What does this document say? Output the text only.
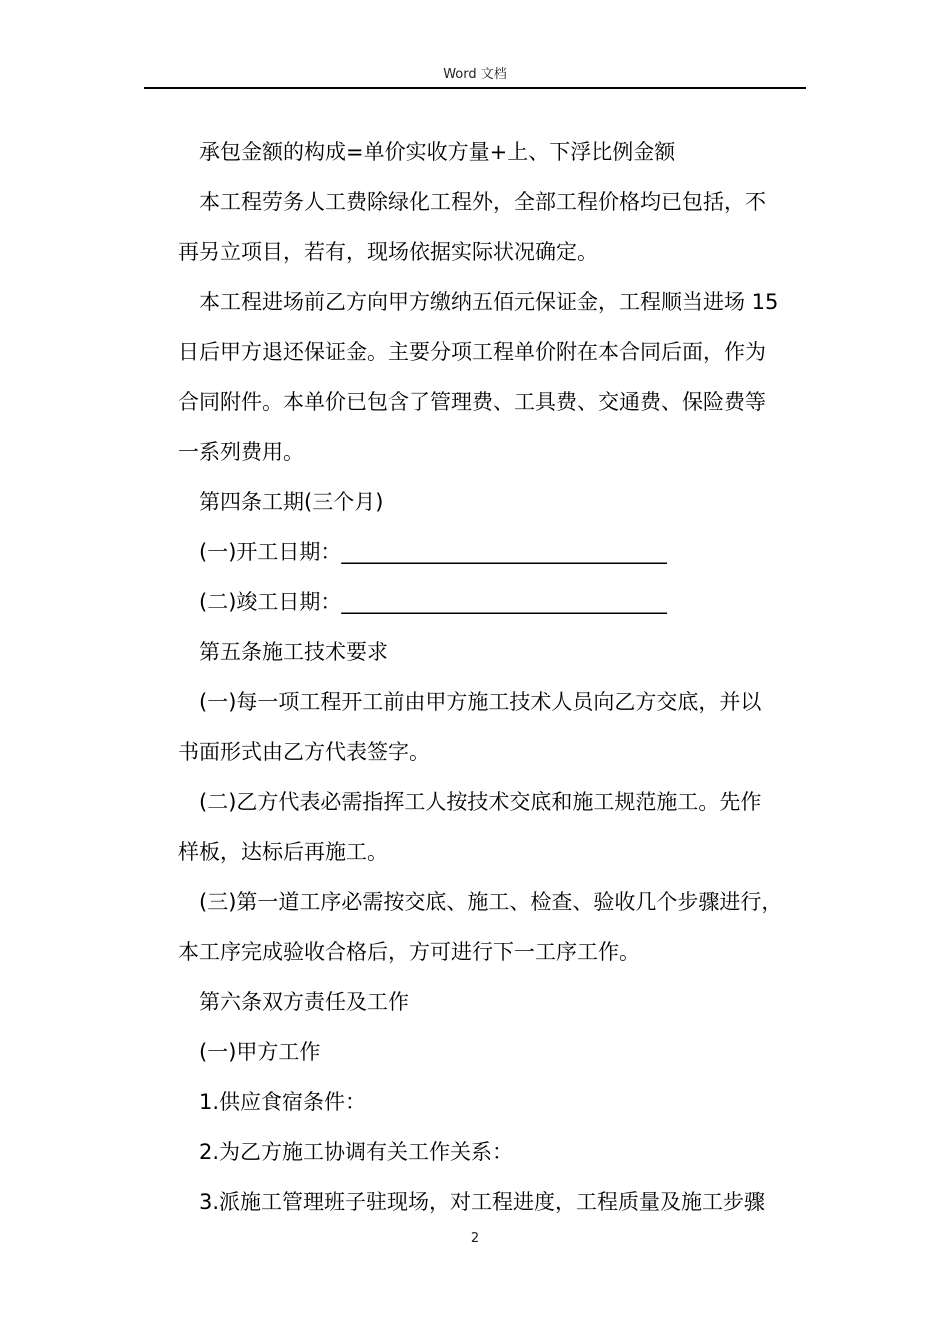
Word 文档
承包金额的构成=单价实收方量+上、下浮比例金额
本工程劳务人工费除绿化工程外，全部工程价格均已包括，不
再另立项目，若有，现场依据实际状况确定。
本工程进场前乙方向甲方缴纳五佰元保证金，工程顺当进场 15
日后甲方退还保证金。主要分项工程单价附在本合同后面，作为
合同附件。本单价已包含了管理费、工具费、交通费、保险费等
一系列费用。
第四条工期(三个月)
(一)开工日期：_______________________________
(二)竣工日期：_______________________________
第五条施工技术要求
(一)每一项工程开工前由甲方施工技术人员向乙方交底，并以
书面形式由乙方代表签字。
(二)乙方代表必需指挥工人按技术交底和施工规范施工。先作
样板，达标后再施工。
(三)第一道工序必需按交底、施工、检查、验收几个步骤进行，
本工序完成验收合格后，方可进行下一工序工作。
第六条双方责任及工作
(一)甲方工作
1.供应食宿条件：
2.为乙方施工协调有关工作关系：
3.派施工管理班子驻现场，对工程进度，工程质量及施工步骤
2
